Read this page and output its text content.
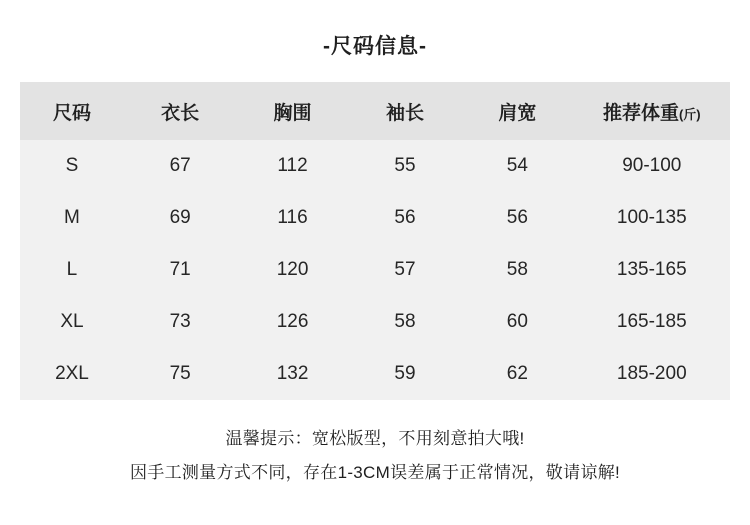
-尺码信息-
尺码	衣长	胸围	袖长	肩宽	推荐体重(斤)
S	67	112	55	54	90-100
M	69	116	56	56	100-135
L	71	120	57	58	135-165
XL	73	126	58	60	165-185
2XL	75	132	59	62	185-200
温馨提示：宽松版型，不用刻意拍大哦!
因手工测量方式不同，存在1-3CM误差属于正常情况，敬请谅解!
